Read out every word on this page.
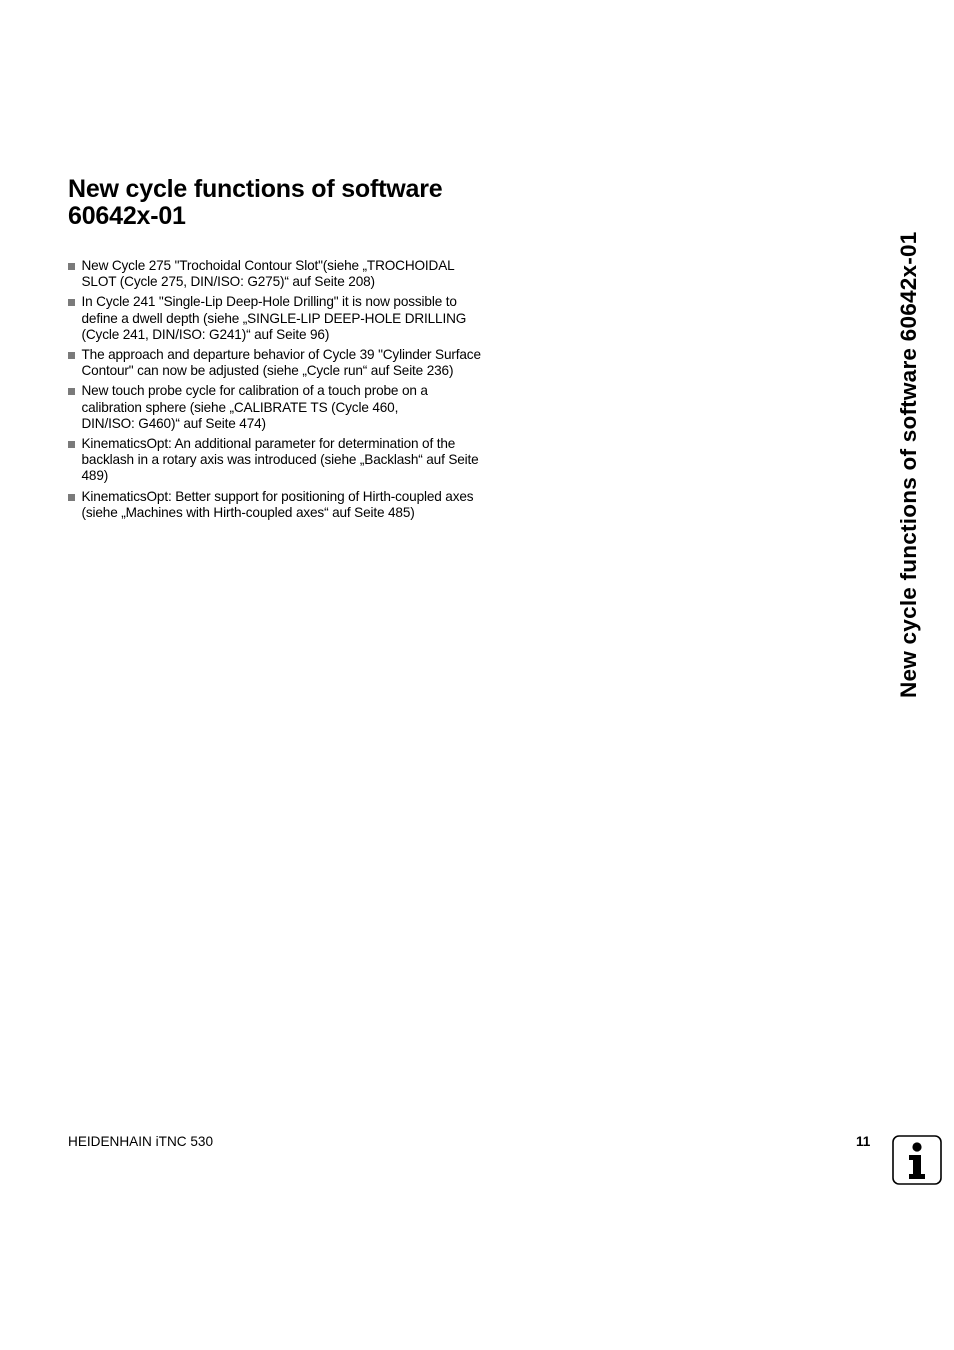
New cycle functions of software
60642x-01
New Cycle 275 "Trochoidal Contour Slot"(siehe „TROCHOIDAL
SLOT (Cycle 275, DIN/ISO: G275)“ auf Seite 208)
In Cycle 241 "Single-Lip Deep-Hole Drilling" it is now possible to
define a dwell depth (siehe „SINGLE-LIP DEEP-HOLE DRILLING
(Cycle 241, DIN/ISO: G241)“ auf Seite 96)
The approach and departure behavior of Cycle 39 "Cylinder Surface
Contour" can now be adjusted (siehe „Cycle run“ auf Seite 236)
New touch probe cycle for calibration of a touch probe on a
calibration sphere (siehe „CALIBRATE TS (Cycle 460,
DIN/ISO: G460)“ auf Seite 474)
KinematicsOpt: An additional parameter for determination of the
backlash in a rotary axis was introduced (siehe „Backlash“ auf Seite
489)
KinematicsOpt: Better support for positioning of Hirth-coupled axes
(siehe „Machines with Hirth-coupled axes“ auf Seite 485)	New cycle functions of software 60642x-01
HEIDENHAIN iTNC 530	11
